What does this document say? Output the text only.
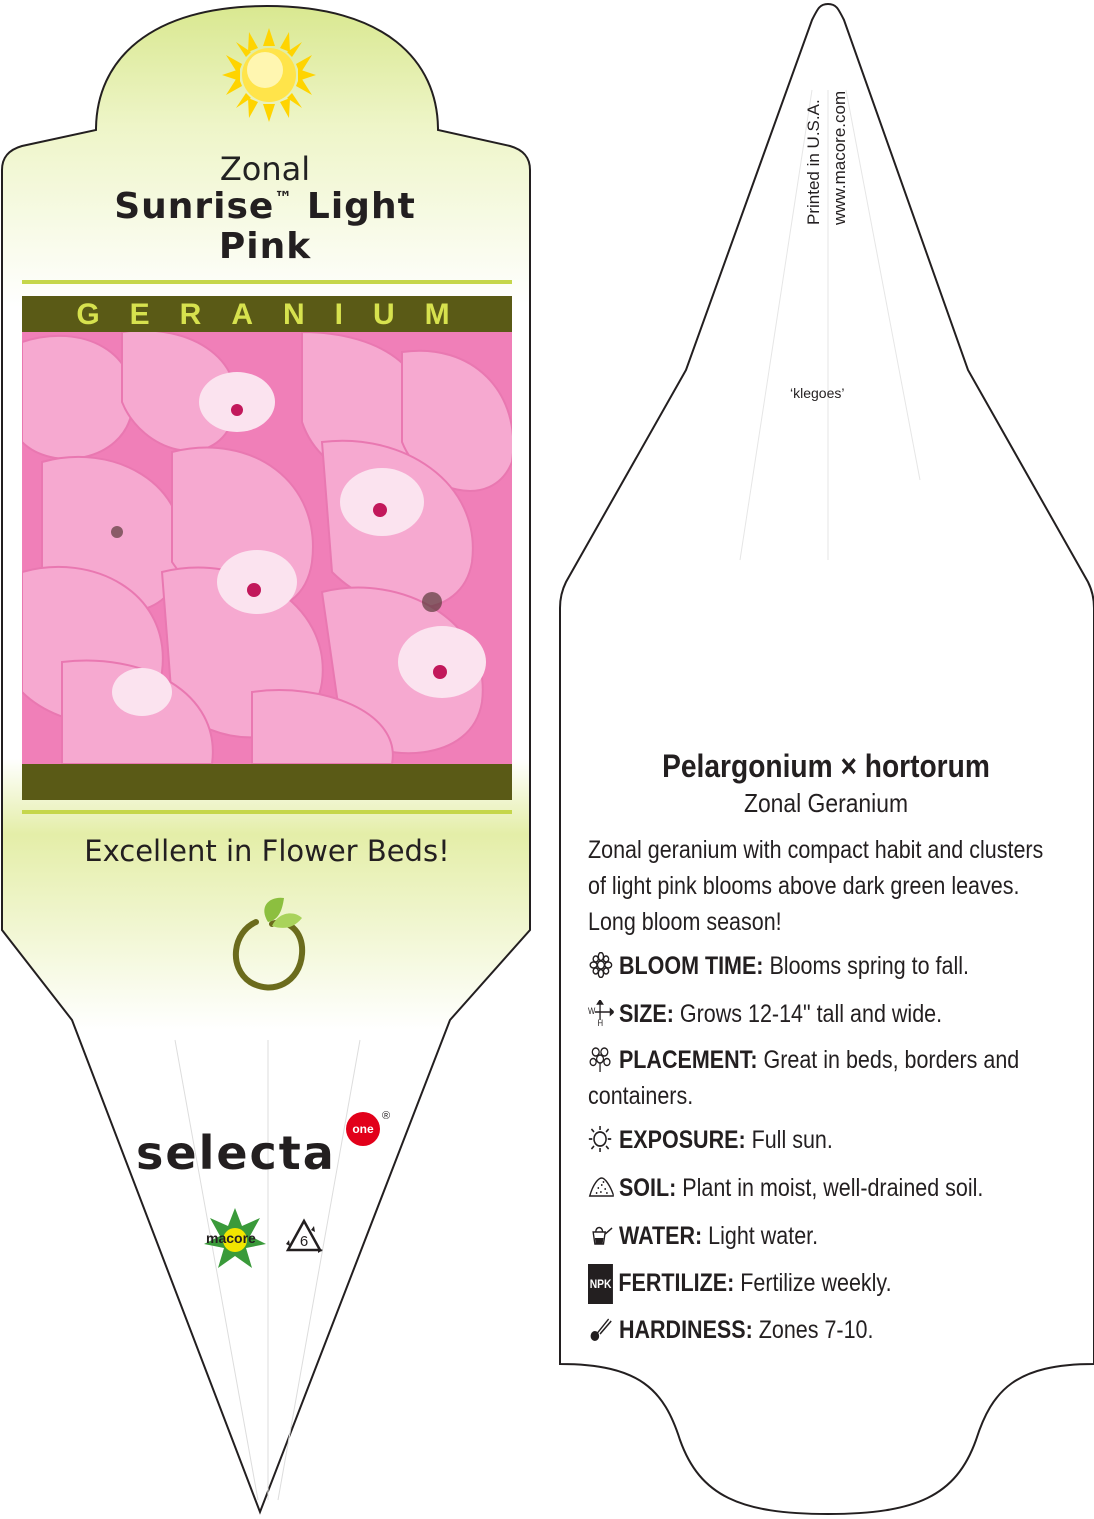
Zonal
Sunrise™ Light
Pink
GERANIUM
Excellent in Flower Beds!
selecta	one
®
macore	6
Printed in U.S.A. www.macore.com
‘klegoes’
Pelargonium × hortorum
Zonal Geranium
Zonal geranium with compact habit and clusters of light pink blooms above dark green leaves. Long bloom season!
BLOOM TIME: Blooms spring to fall.
W
H SIZE: Grows 12-14" tall and wide.
PLACEMENT: Great in beds, borders and containers.
EXPOSURE: Full sun.
SOIL: Plant in moist, well-drained soil.
WATER: Light water.
NPK FERTILIZE: Fertilize weekly.
HARDINESS: Zones 7-10.
